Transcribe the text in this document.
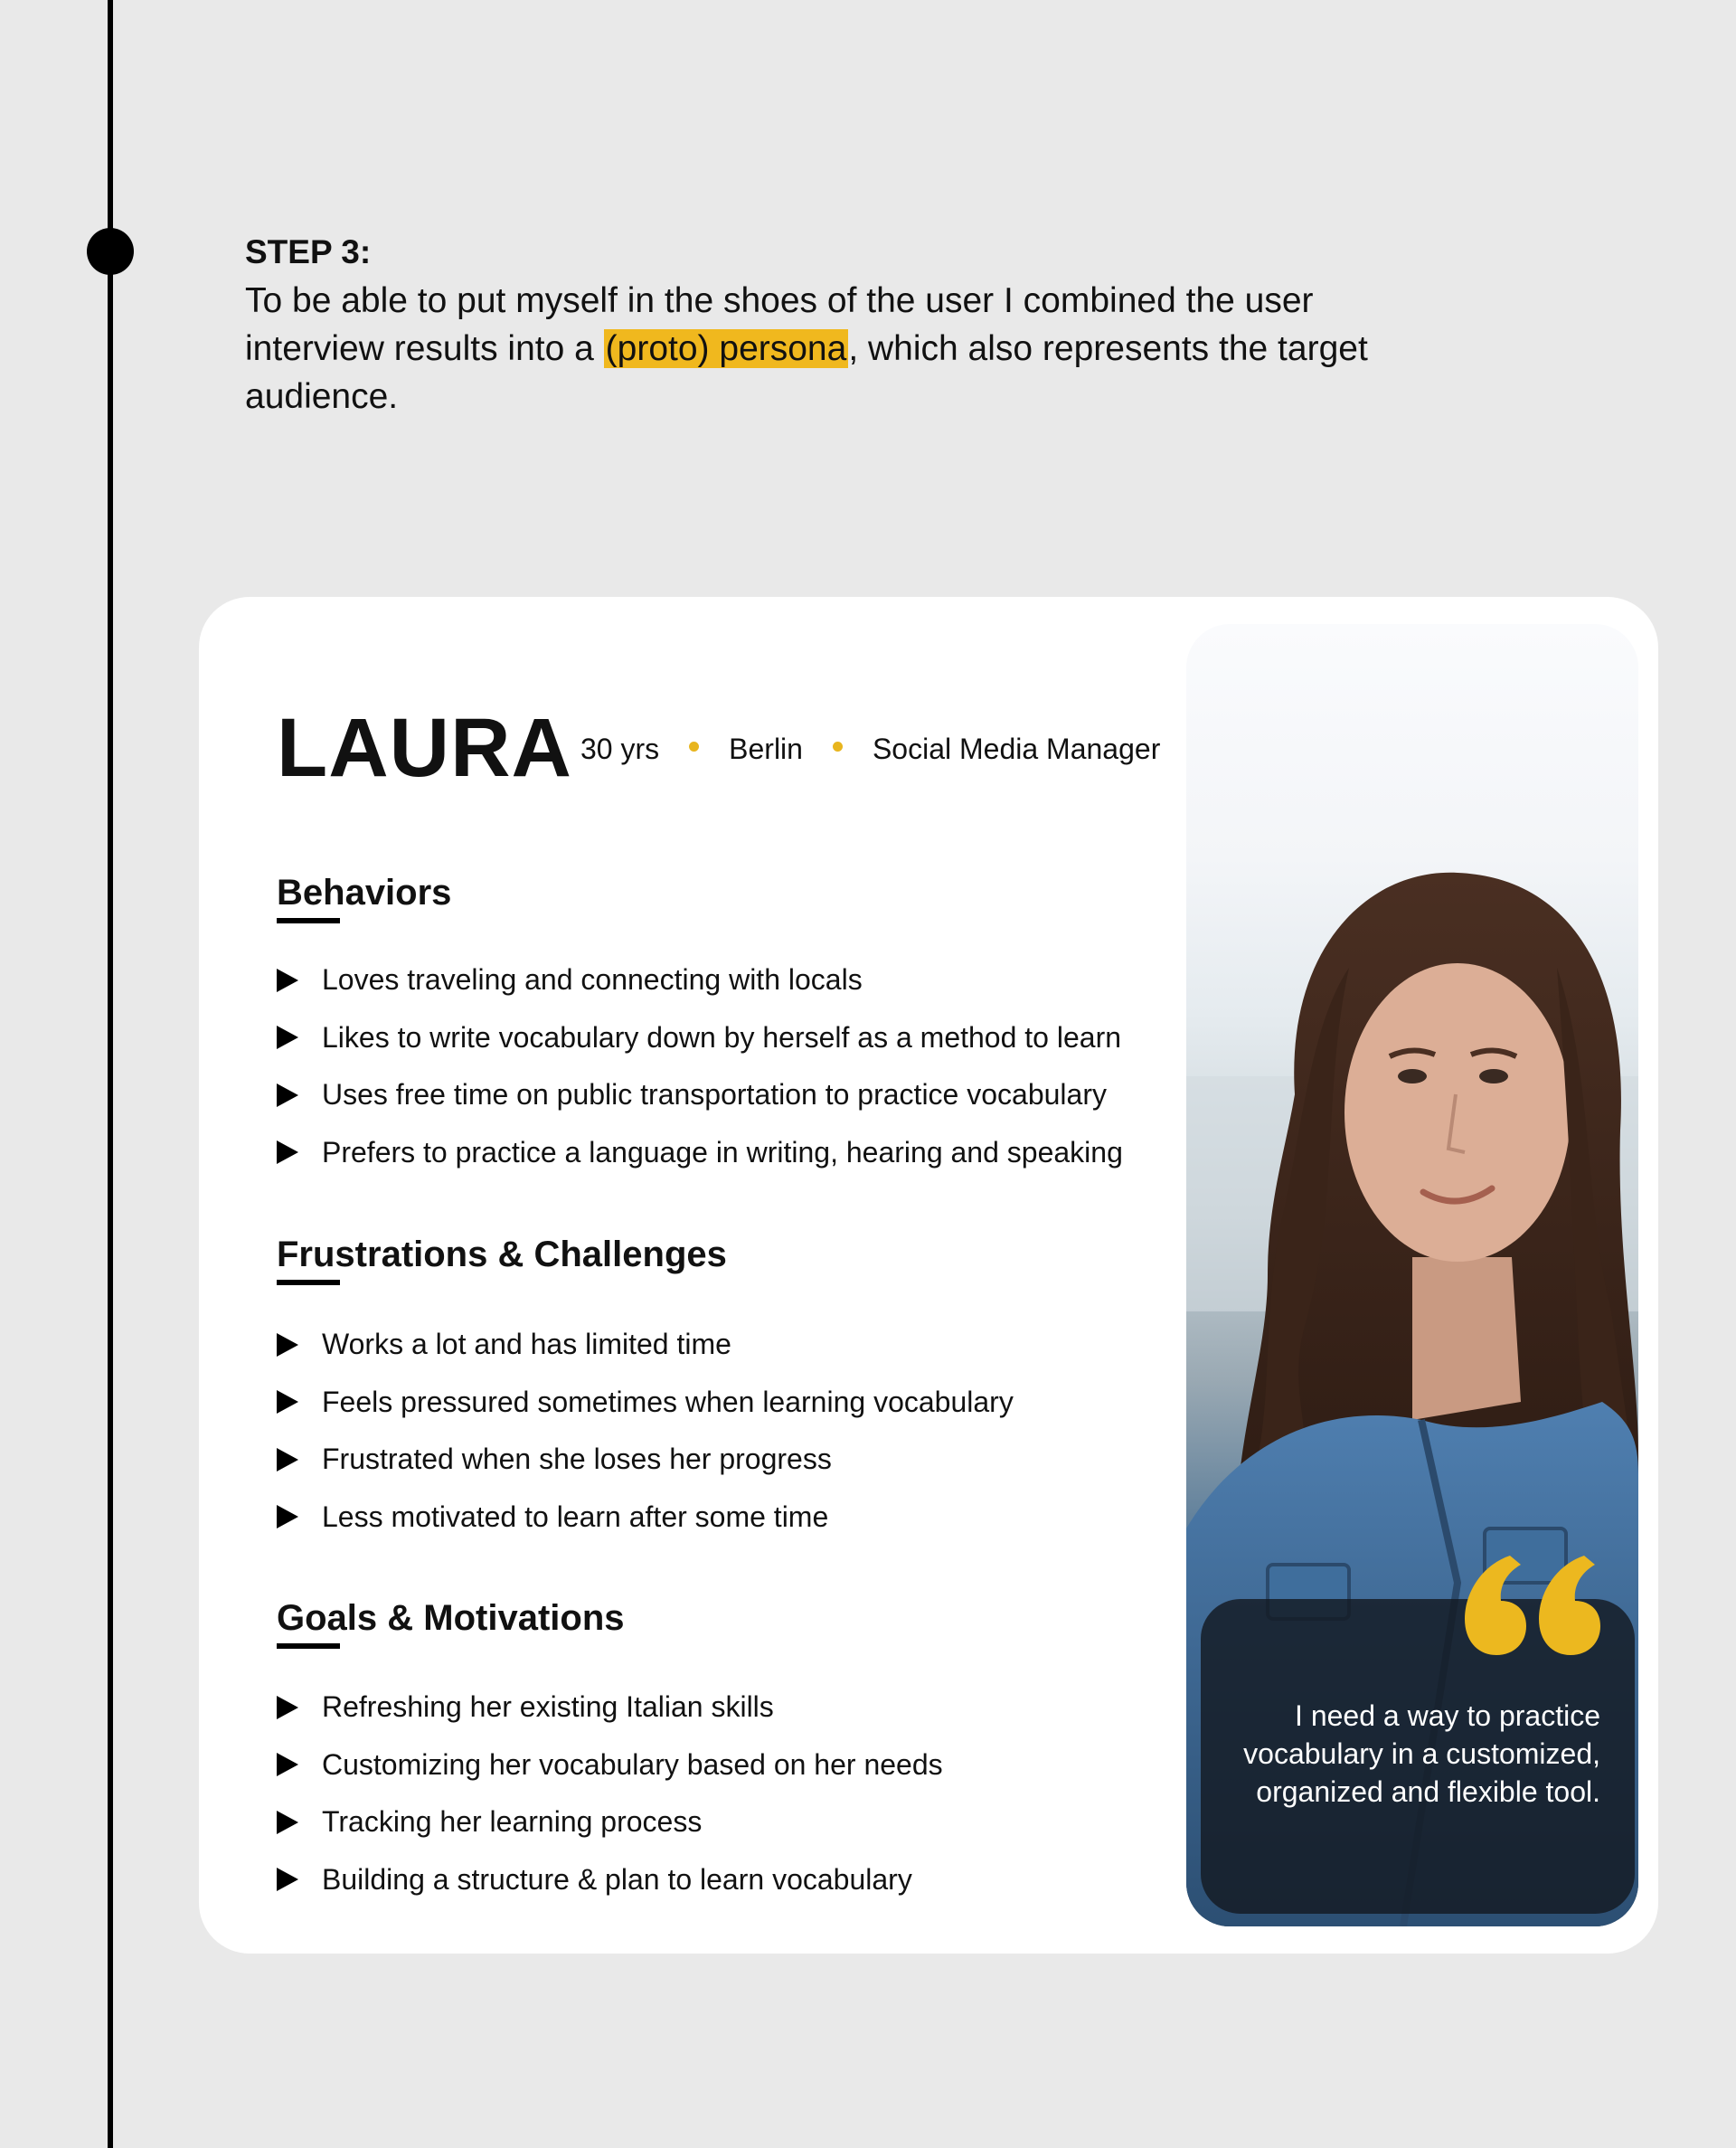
STEP 3:

To be able to put myself in the shoes of the user I combined the user interview results into a (proto) persona, which also represents the target audience.

LAURA 30 yrs Berlin Social Media Manager
Behaviors
Loves traveling and connecting with locals
Likes to write vocabulary down by herself as a method to learn
Uses free time on public transportation to practice vocabulary
Prefers to practice a language in writing, hearing and speaking
Frustrations & Challenges
Works a lot and has limited time
Feels pressured sometimes when learning vocabulary
Frustrated when she loses her progress
Less motivated to learn after some time
Goals & Motivations
Refreshing her existing Italian skills
Customizing her vocabulary based on her needs
Tracking her learning process
Building a structure & plan to learn vocabulary

I need a way to practice vocabulary in a customized, organized and flexible tool.
